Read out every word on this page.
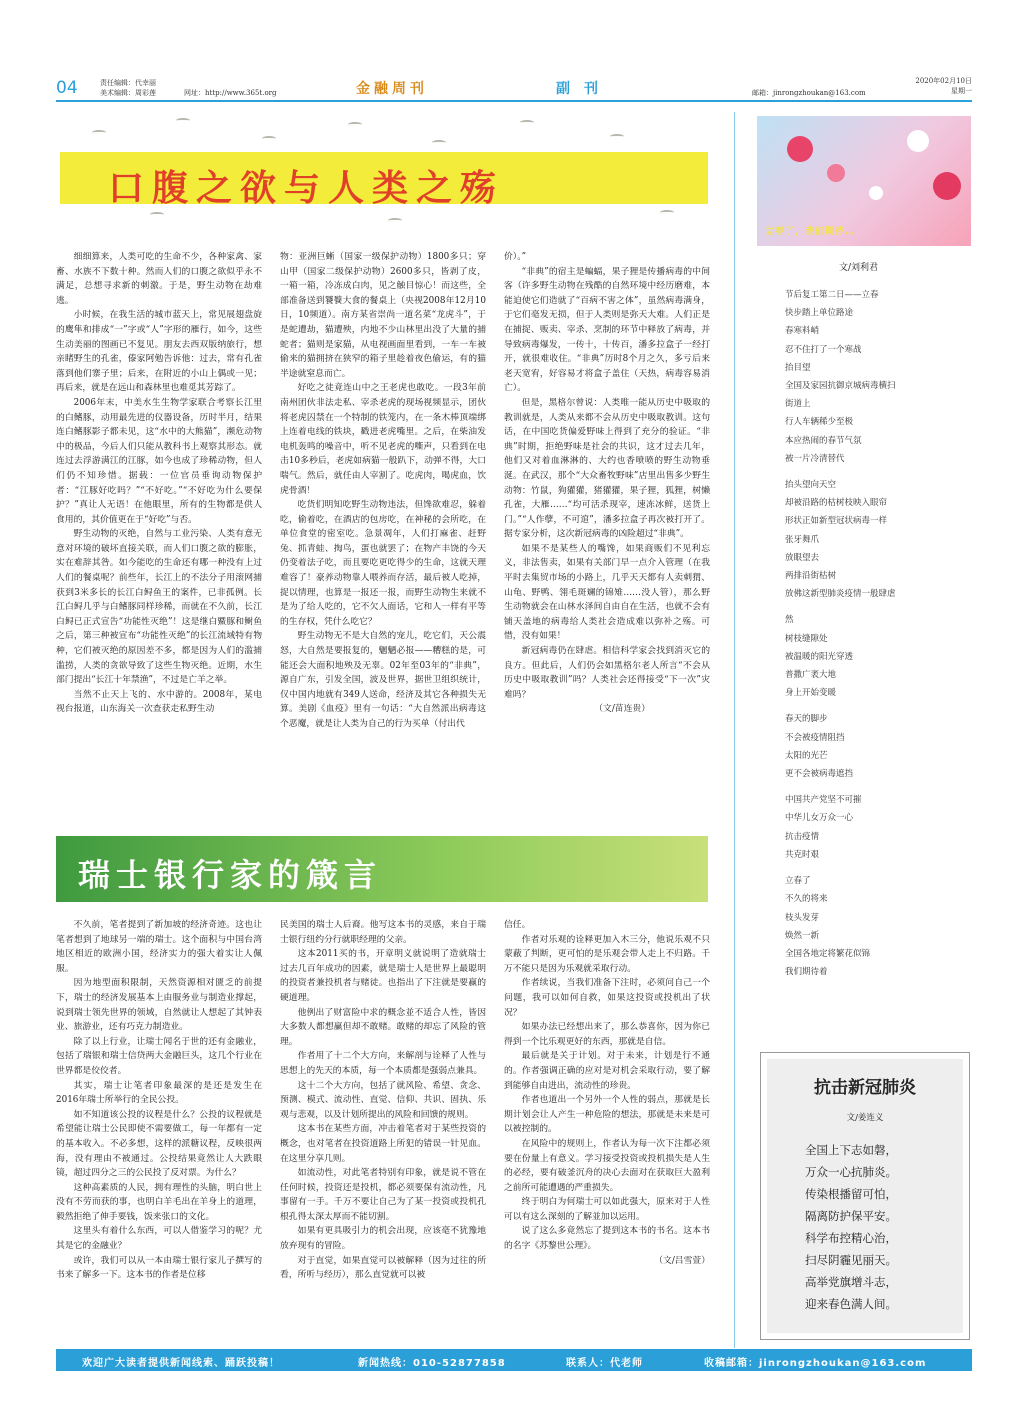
04	责任编辑：代幸丽
美术编辑：周彩莲	网址：http://www.365t.org	金融周刊	副刊	邮箱：jinrongzhoukan@163.com
2020年02月10日
星期一
口腹之欲与人类之殇

细细算来，人类可吃的生命不少，各种家禽、家畜、水族不下数十种。然而人们的口腹之欲似乎永不满足，总想寻求新的刺激。于是，野生动物在劫难逃。

小时候，在我生活的城市蓝天上，常见展翅盘旋的鹰隼和排成“一”字或“人”字形的雁行，如今，这些生动美丽的图画已不复见。朋友去西双版纳旅行，想亲睹野生的孔雀，傣家阿勉告诉他：过去，常有孔雀落到他们寨子里；后来，在附近的小山上偶或一见；再后来，就是在远山和森林里也难觅其芳踪了。

2006年末，中美水生生物学家联合考察长江里的白鳍豚，动用最先进的仪器设备，历时半月，结果连白鳍豚影子都未见，这“水中的大熊猫”，濒危动物中的极品，今后人们只能从教科书上观察其形态。就连过去浮游满江的江豚，如今也成了珍稀动物，但人们仍不知珍惜。据载：一位官员垂询动物保护者：“江豚好吃吗？”“不好吃。”“不好吃为什么要保护？”真让人无语！在他眼里，所有的生物都是供人食用的，其价值更在于“好吃”与否。

野生动物的灭绝，自然与工业污染、人类有意无意对环境的破坏直接关联，而人们口腹之欲的膨胀，实在难辞其咎。如今能吃的生命还有哪一种没有上过人们的餐桌呢？前些年，长江上的不法分子用滚网捕获到3米多长的长江白鲟鱼王的案件，已非孤例。长江白鲟几乎与白鳍豚同样珍稀，而就在不久前，长江白鲟已正式宣告“功能性灭绝”！这是继白鱀豚和鲥鱼之后，第三种被宣布“功能性灭绝”的长江流域特有物种，它们被灭绝的原因差不多，都是因为人们的滥捕滥捞，人类的贪欲导致了这些生物灭绝。近期，水生部门提出“长江十年禁渔”，不过是亡羊之举。

当然不止天上飞的、水中游的。2008年，某电视台报道，山东海关一次查获走私野生动

物：亚洲巨蜥（国家一级保护动物）1800多只；穿山甲（国家二级保护动物）2600多只，皆剥了皮，一箱一箱，冷冻成白肉，见之触目惊心！而这些，全部准备送到饕餮大食的餐桌上（央视2008年12月10日，10频道）。南方某省崇尚一道名菜“龙虎斗”，于是蛇遭劫，猫遭殃，内地不少山林里出没了大量的捕蛇者；猫则是家猫，从电视画面里看到，一车一车被偷来的猫拥挤在狭窄的箱子里趁着夜色偷运，有的猫半途就窒息而亡。

好吃之徒竟连山中之王老虎也敢吃。一段3年前南州团伙非法走私、宰杀老虎的现场视频显示，团伙将老虎囚禁在一个特制的铁笼内，在一条木棒顶端绑上连着电线的铁块，戳进老虎嘴里。之后，在柴油发电机轰鸣的噪音中，听不见老虎的嘶声，只看到在电击10多秒后，老虎如病猫一般趴下，动弹不得，大口喘气。然后，就任由人宰割了。吃虎肉，喝虎血，饮虎骨酒！

吃货们明知吃野生动物违法，但馋欲难忍，躲着吃，偷着吃，在酒店的包房吃，在神秘的会所吃，在单位食堂的密室吃。急景凋年，人们打麻雀、赶野兔、抓青蛙、掏鸟，蛋也就罢了；在物产丰饶的今天仍变着法子吃，而且要吃更吃得少的生命，这就天理难容了！豪养动物靠人喂养而存活，最后被人吃掉，捉以情理，也算是一报还一报，而野生动物生来就不是为了给人吃的，它不欠人面话，它和人一样有平等的生存权，凭什么吃它？

野生动物无不是大自然的宠儿，吃它们，天公震怒，大自然是要报复的，魍魉必报——糟糕的是，可能还会大面积地殃及无辜。02年至03年的“非典”，源自广东，引发全国，波及世界，据世卫组织统计，仅中国内地就有349人送命，经济及其它各种损失无算。美剧《血疫》里有一句话：“大自然派出病毒这个恶魔，就是让人类为自己的行为买单（付出代

价）。”

“非典”的宿主是蝙蝠，果子狸是传播病毒的中间客（许多野生动物在残酷的自然环境中经历磨难，本能迫使它们造就了“百病不害之体”，虽然病毒满身，于它们毫发无损，但于人类则是弥天大难。人们正是在捕捉、贩卖、宰杀、烹制的环节中释放了病毒，并导致病毒爆发，一传十，十传百，潘多拉盒子一经打开，就很难收住。“非典”历时8个月之久，多亏后来老天宽宥，好容易才将盒子盖住（天热，病毒容易消亡）。

但是，黑格尔曾说：人类唯一能从历史中吸取的教训就是，人类从来都不会从历史中吸取教训。这句话，在中国吃货偏爱野味上得到了充分的验证。“非典”时期，拒绝野味是社会的共识，这才过去几年，他们又对着血淋淋的、大约也香喷喷的野生动物垂涎。在武汉，那个“大众畜牧野味”店里出售多少野生动物：竹鼠，狗獾獾，猪獾獾，果子狸，狐狸，树懒孔雀，大雁……“均可活杀现宰，速冻冰鲜，送货上门。”“人作孽，不可逭”，潘多拉盒子再次被打开了。据专家分析，这次新冠病毒的凶险超过“非典”。

如果不是某些人的嘴馋，如果商贩们不见利忘义，非法售卖，如果有关部门早一点介入管理（在我平时去集贸市场的小路上，几乎天天都有人卖刺猬、山龟、野鸭、翎毛斑斓的锦雉……没人管），那么野生动物就会在山林水泽间自由自在生活，也就不会有铺天盖地的病毒给人类社会造成难以弥补之殇。可惜，没有如果！

新冠病毒仍在肆虐。相信科学家会找到消灭它的良方。但此后，人们仍会如黑格尔老人所言“不会从历史中吸取教训”吗？人类社会还得接受“下一次”灾难吗？

（文/苗连贵）
瑞士银行家的箴言

不久前，笔者提到了新加坡的经济奇迹。这也让笔者想到了地球另一端的瑞士。这个面积与中国台湾地区相近的欧洲小国，经济实力的强大着实让人佩服。

因为地型面积限制，天然资源相对匮乏的前提下，瑞士的经济发展基本上由服务业与制造业撑起，说到瑞士领先世界的领域，自然就让人想起了其钟表业、旅游业，还有巧克力制造业。

除了以上行业，让瑞士闻名于世的还有金融业，包括了瑞银和瑞士信贷两大金融巨头，这几个行业在世界都是佼佼者。

其实，瑞士让笔者印象最深的是还是发生在2016年瑞士所举行的全民公投。

如不知道该公投的议程是什么？公投的议程就是希望能让瑞士公民即使不需要做工，每一年都有一定的基本收入。不必多想，这样的派糖议程，反映很两海，没有理由不被通过。公投结果竟然让人大跌眼镜，超过四分之三的公民投了反对票。为什么？

这种高素质的人民，拥有理性的头脑，明白世上没有不劳而获的事，也明白羊毛出在羊身上的道理，毅然拒绝了伸手要钱，饭来张口的文化。

这里头有着什么东西，可以人借鉴学习的呢？尤其是它的金融业？

或许，我们可以从一本由瑞士银行家儿子撰写的书来了解多一下。这本书的作者是位移

民美国的瑞士人后裔。他写这本书的灵感，来自于瑞士银行纽约分行就职经理的父亲。

这本2011买的书，开章明义就说明了造就瑞士过去几百年成功的因素，就是瑞士人是世界上最聪明的投资者兼投机者与赌徒。也指出了下注就是要赢的硬道理。

他例出了财富险中求的概念並不适合人性，皆因大多数人都想赢但却不敢赌。敢赌的却忘了风险的管理。

作者用了十二个大方向，来解剖与诠释了人性与思想上的先天的本质，每一个本质都是强弱点兼具。

这十二个大方向，包括了就风险、希望、贪念、预测、模式、流动性、直觉、信仰、共识、固执、乐观与悲观，以及计划所提出的风险和回馈的规则。

这本书在某些方面，冲击着笔者对于某些投资的概念，也对笔者在投资道路上所犯的错误一针见血。在这里分享几则。

如流动性，对此笔者特别有印象，就是说不管在任何时候，投资还是投机，都必须要保有流动性，凡事留有一手。千万不要让自己为了某一投资或投机孔根孔得太深太厚而不能切割。

如果有更具吸引力的机会出现，应该毫不犹豫地放弃现有的冒险。

对于直觉，如果直觉可以被解释（因为过往的所看，所听与经历），那么直觉就可以被

信任。

作者对乐观的诠释更加入木三分，他说乐观不只蒙蔽了判断，更可怕的是乐观会带人走上不归路。千万不能只是因为乐观就采取行动。

作者续说，当我们准备下注时，必须问自己一个问题，我可以如何自救，如果这投资或投机出了状况？

如果办法已经想出来了，那么恭喜你，因为你已得到一个比乐观更好的东西，那就是自信。

最后就是关于计划。对于未来，计划是行不通的。作者强调正确的应对是对机会采取行动，要了解到能够自由进出，流动性的珍贵。

作者也道出一个另外一个人性的弱点，那就是长期计划会让人产生一种危险的想法，那就是未来是可以被控制的。

在风险中的规则上，作者认为每一次下注都必须要在份量上有意义。学习接受投资或投机损失是人生的必经，要有破釜沉舟的决心去面对在获取巨大盈利之前所可能遭遇的严重损失。

终于明白为何瑞士可以如此强大，原来对于人性可以有这么深刻的了解並加以运用。

说了这么多竟然忘了提到这本书的书名。这本书的名字《苏黎世公理》。

（文/吕雪萱）
立春了，我们期待…
文/刘利君
节后复工第二日——立春
快步踏上单位路途
春寒料峭
忍不住打了一个寒战
抬目望
全国及家园抗御京城病毒横扫
街道上
行人车辆稀少至极
本应热闹的春节气氛
被一片冷清替代
抬头望向天空
却被沿路的枯树枝映入眼帘
形状正如新型冠状病毒一样
张牙舞爪
放眼望去
两排沿街枯树
放佛这新型肺炎疫情一般肆虐
然
树枝缝隙处
被温暖的阳光穿透
普撒广袤大地
身上开始变暖
春天的脚步
不会被疫情阻挡
太阳的光芒
更不会被病毒遮挡
中国共产党坚不可摧
中华儿女万众一心
抗击疫情
共克时艰
立春了
不久的将来
枝头发芽
焕然一新
全国各地定将繁花似锦
我们期待着
抗击新冠肺炎
文/姜连义
全国上下志如磐，
万众一心抗肺炎。
传染根播留可怕，
隔离防护保平安。
科学布控精心治，
扫尽阴霾见丽天。
高举党旗增斗志，
迎来春色满人间。
欢迎广大读者提供新闻线索、踊跃投稿！	新闻热线：010-52877858	联系人：代老师	收稿邮箱：jinrongzhoukan@163.com
